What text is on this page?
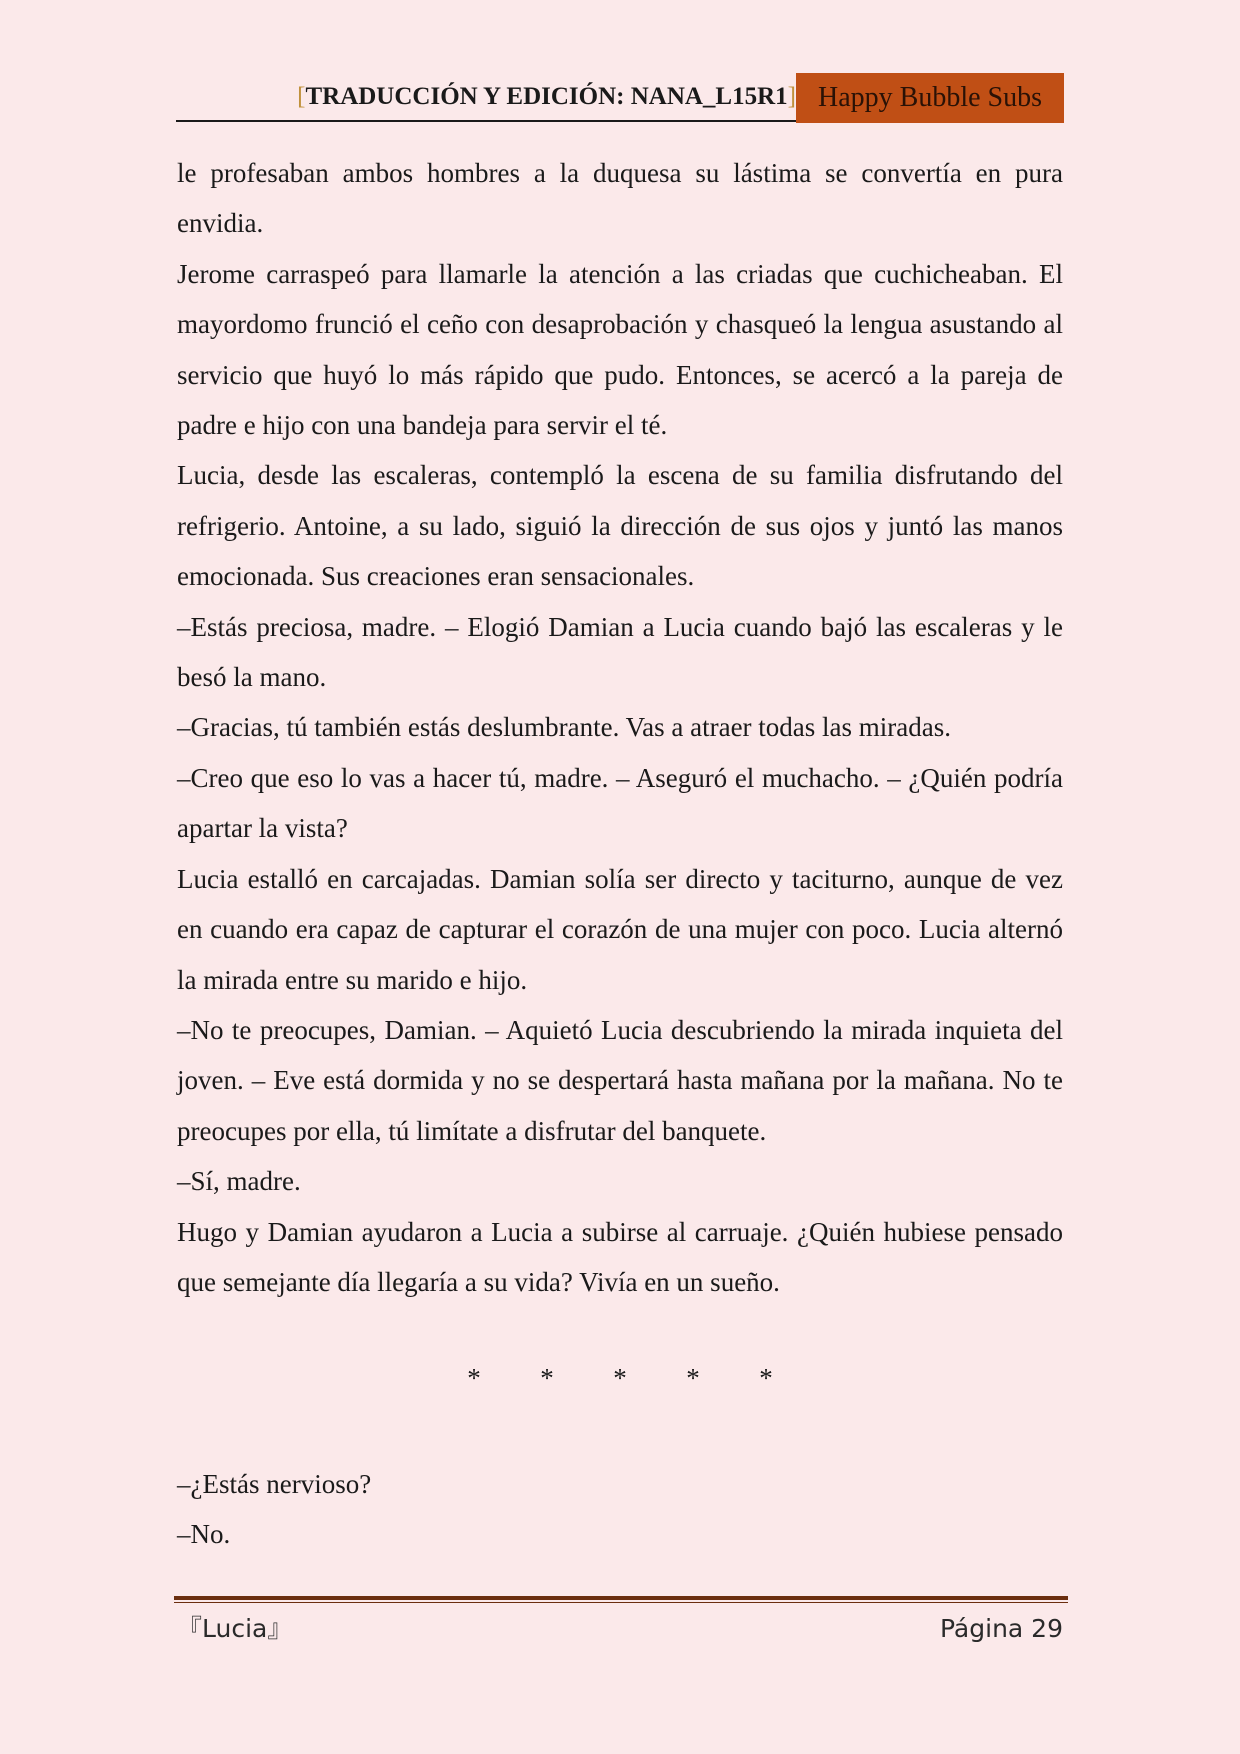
[TRADUCCIÓN Y EDICIÓN: NANA_L15R1] Happy Bubble Subs

le profesaban ambos hombres a la duquesa su lástima se convertía en pura envidia.

Jerome carraspeó para llamarle la atención a las criadas que cuchicheaban. El mayordomo frunció el ceño con desaprobación y chasqueó la lengua asustando al servicio que huyó lo más rápido que pudo. Entonces, se acercó a la pareja de padre e hijo con una bandeja para servir el té.

Lucia, desde las escaleras, contempló la escena de su familia disfrutando del refrigerio. Antoine, a su lado, siguió la dirección de sus ojos y juntó las manos emocionada. Sus creaciones eran sensacionales.

–Estás preciosa, madre. – Elogió Damian a Lucia cuando bajó las escaleras y le besó la mano.

–Gracias, tú también estás deslumbrante. Vas a atraer todas las miradas.

–Creo que eso lo vas a hacer tú, madre. – Aseguró el muchacho. – ¿Quién podría apartar la vista?

Lucia estalló en carcajadas. Damian solía ser directo y taciturno, aunque de vez en cuando era capaz de capturar el corazón de una mujer con poco. Lucia alternó la mirada entre su marido e hijo.

–No te preocupes, Damian. – Aquietó Lucia descubriendo la mirada inquieta del joven. – Eve está dormida y no se despertará hasta mañana por la mañana. No te preocupes por ella, tú limítate a disfrutar del banquete.

–Sí, madre.

Hugo y Damian ayudaron a Lucia a subirse al carruaje. ¿Quién hubiese pensado que semejante día llegaría a su vida? Vivía en un sueño.

*	*	*	*	*

–¿Estás nervioso?

–No.

『Lucia』	Página 29
